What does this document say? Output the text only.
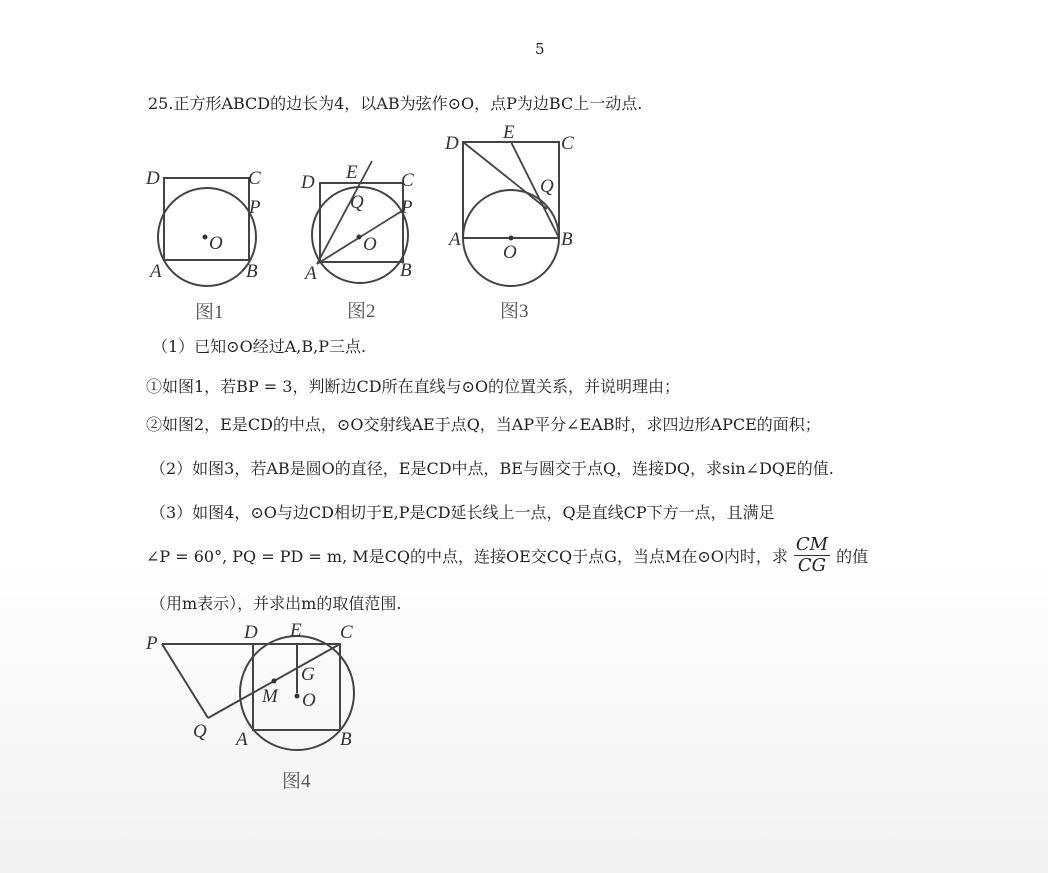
5
25.正方形ABCD的边长为4，以AB为弦作⊙O，点P为边BC上一动点.
D	C
P
O
A	B
图1
D E C
Q P
O
A	B
图2
D
E
C
Q
A
O
B
图3
（1）已知⊙O经过A,B,P三点.
①如图1，若BP = 3，判断边CD所在直线与⊙O的位置关系，并说明理由；
②如图2，E是CD的中点，⊙O交射线AE于点Q，当AP平分∠EAB时，求四边形APCE的面积；
（2）如图3，若AB是圆O的直径，E是CD中点，BE与圆交于点Q，连接DQ，求sin∠DQE的值.
（3）如图4，⊙O与边CD相切于E,P是CD延长线上一点，Q是直线CP下方一点，且满足
∠P = 60°, PQ = PD = m, M是CQ的中点，连接OE交CQ于点G，当点M在⊙O内时，求 $\frac{CM}{CG}$ 的值
（用m表示），并求出m的取值范围.
P
D E C
G
M O
Q A	B
图4
